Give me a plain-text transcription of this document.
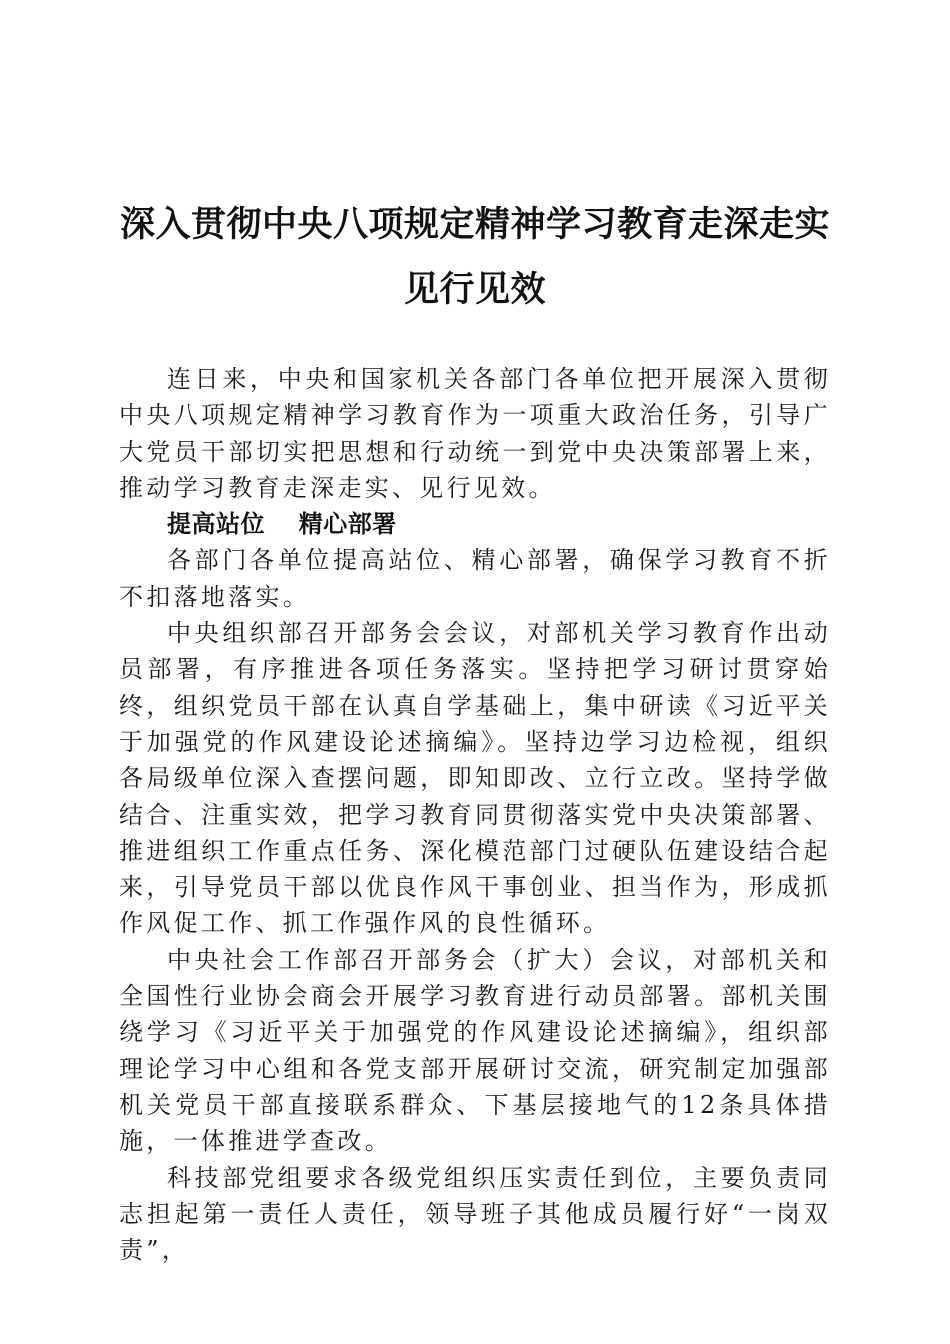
深入贯彻中央八项规定精神学习教育走深走实
见行见效

连日来，中央和国家机关各部门各单位把开展深入贯彻中央八项规定精神学习教育作为一项重大政治任务，引导广大党员干部切实把思想和行动统一到党中央决策部署上来，推动学习教育走深走实、见行见效。

提高站位  精心部署

各部门各单位提高站位、精心部署，确保学习教育不折不扣落地落实。

中央组织部召开部务会会议，对部机关学习教育作出动员部署，有序推进各项任务落实。坚持把学习研讨贯穿始终，组织党员干部在认真自学基础上，集中研读《习近平关于加强党的作风建设论述摘编》。坚持边学习边检视，组织各局级单位深入查摆问题，即知即改、立行立改。坚持学做结合、注重实效，把学习教育同贯彻落实党中央决策部署、推进组织工作重点任务、深化模范部门过硬队伍建设结合起来，引导党员干部以优良作风干事创业、担当作为，形成抓作风促工作、抓工作强作风的良性循环。

中央社会工作部召开部务会（扩大）会议，对部机关和全国性行业协会商会开展学习教育进行动员部署。部机关围绕学习《习近平关于加强党的作风建设论述摘编》，组织部理论学习中心组和各党支部开展研讨交流，研究制定加强部机关党员干部直接联系群众、下基层接地气的12条具体措施，一体推进学查改。

科技部党组要求各级党组织压实责任到位，主要负责同志担起第一责任人责任，领导班子其他成员履行好“一岗双责”，
